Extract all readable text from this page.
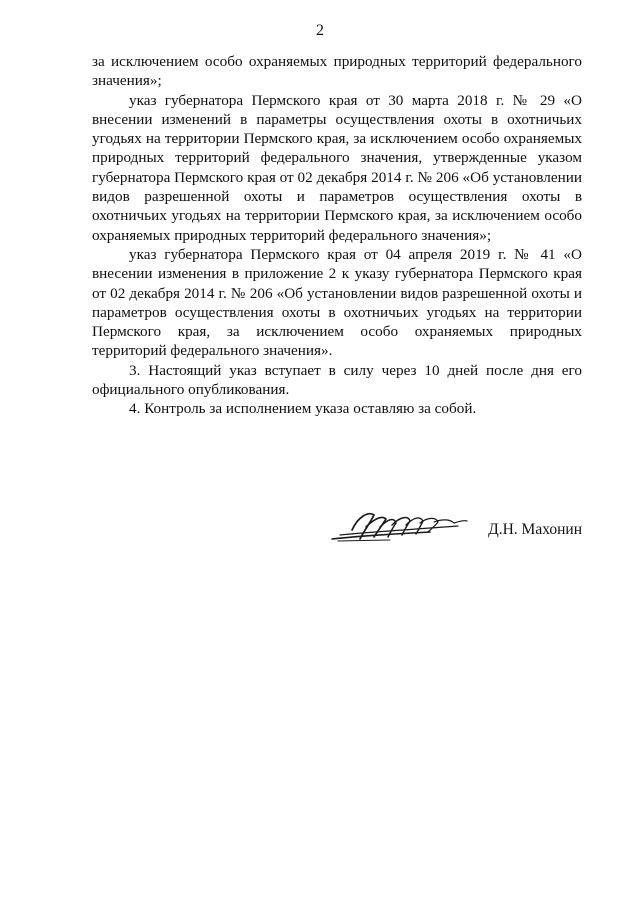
2

за исключением особо охраняемых природных территорий федерального значения»;

указ губернатора Пермского края от 30 марта 2018 г. № 29 «О внесении изменений в параметры осуществления охоты в охотничьих угодьях на территории Пермского края, за исключением особо охраняемых природных территорий федерального значения, утвержденные указом губернатора Пермского края от 02 декабря 2014 г. № 206 «Об установлении видов разрешенной охоты и параметров осуществления охоты в охотничьих угодьях на территории Пермского края, за исключением особо охраняемых природных территорий федерального значения»;

указ губернатора Пермского края от 04 апреля 2019 г. № 41 «О внесении изменения в приложение 2 к указу губернатора Пермского края от 02 декабря 2014 г. № 206 «Об установлении видов разрешенной охоты и параметров осуществления охоты в охотничьих угодьях на территории Пермского края, за исключением особо охраняемых природных территорий федерального значения».

3. Настоящий указ вступает в силу через 10 дней после дня его официального опубликования.

4. Контроль за исполнением указа оставляю за собой.

Д.Н. Махонин
